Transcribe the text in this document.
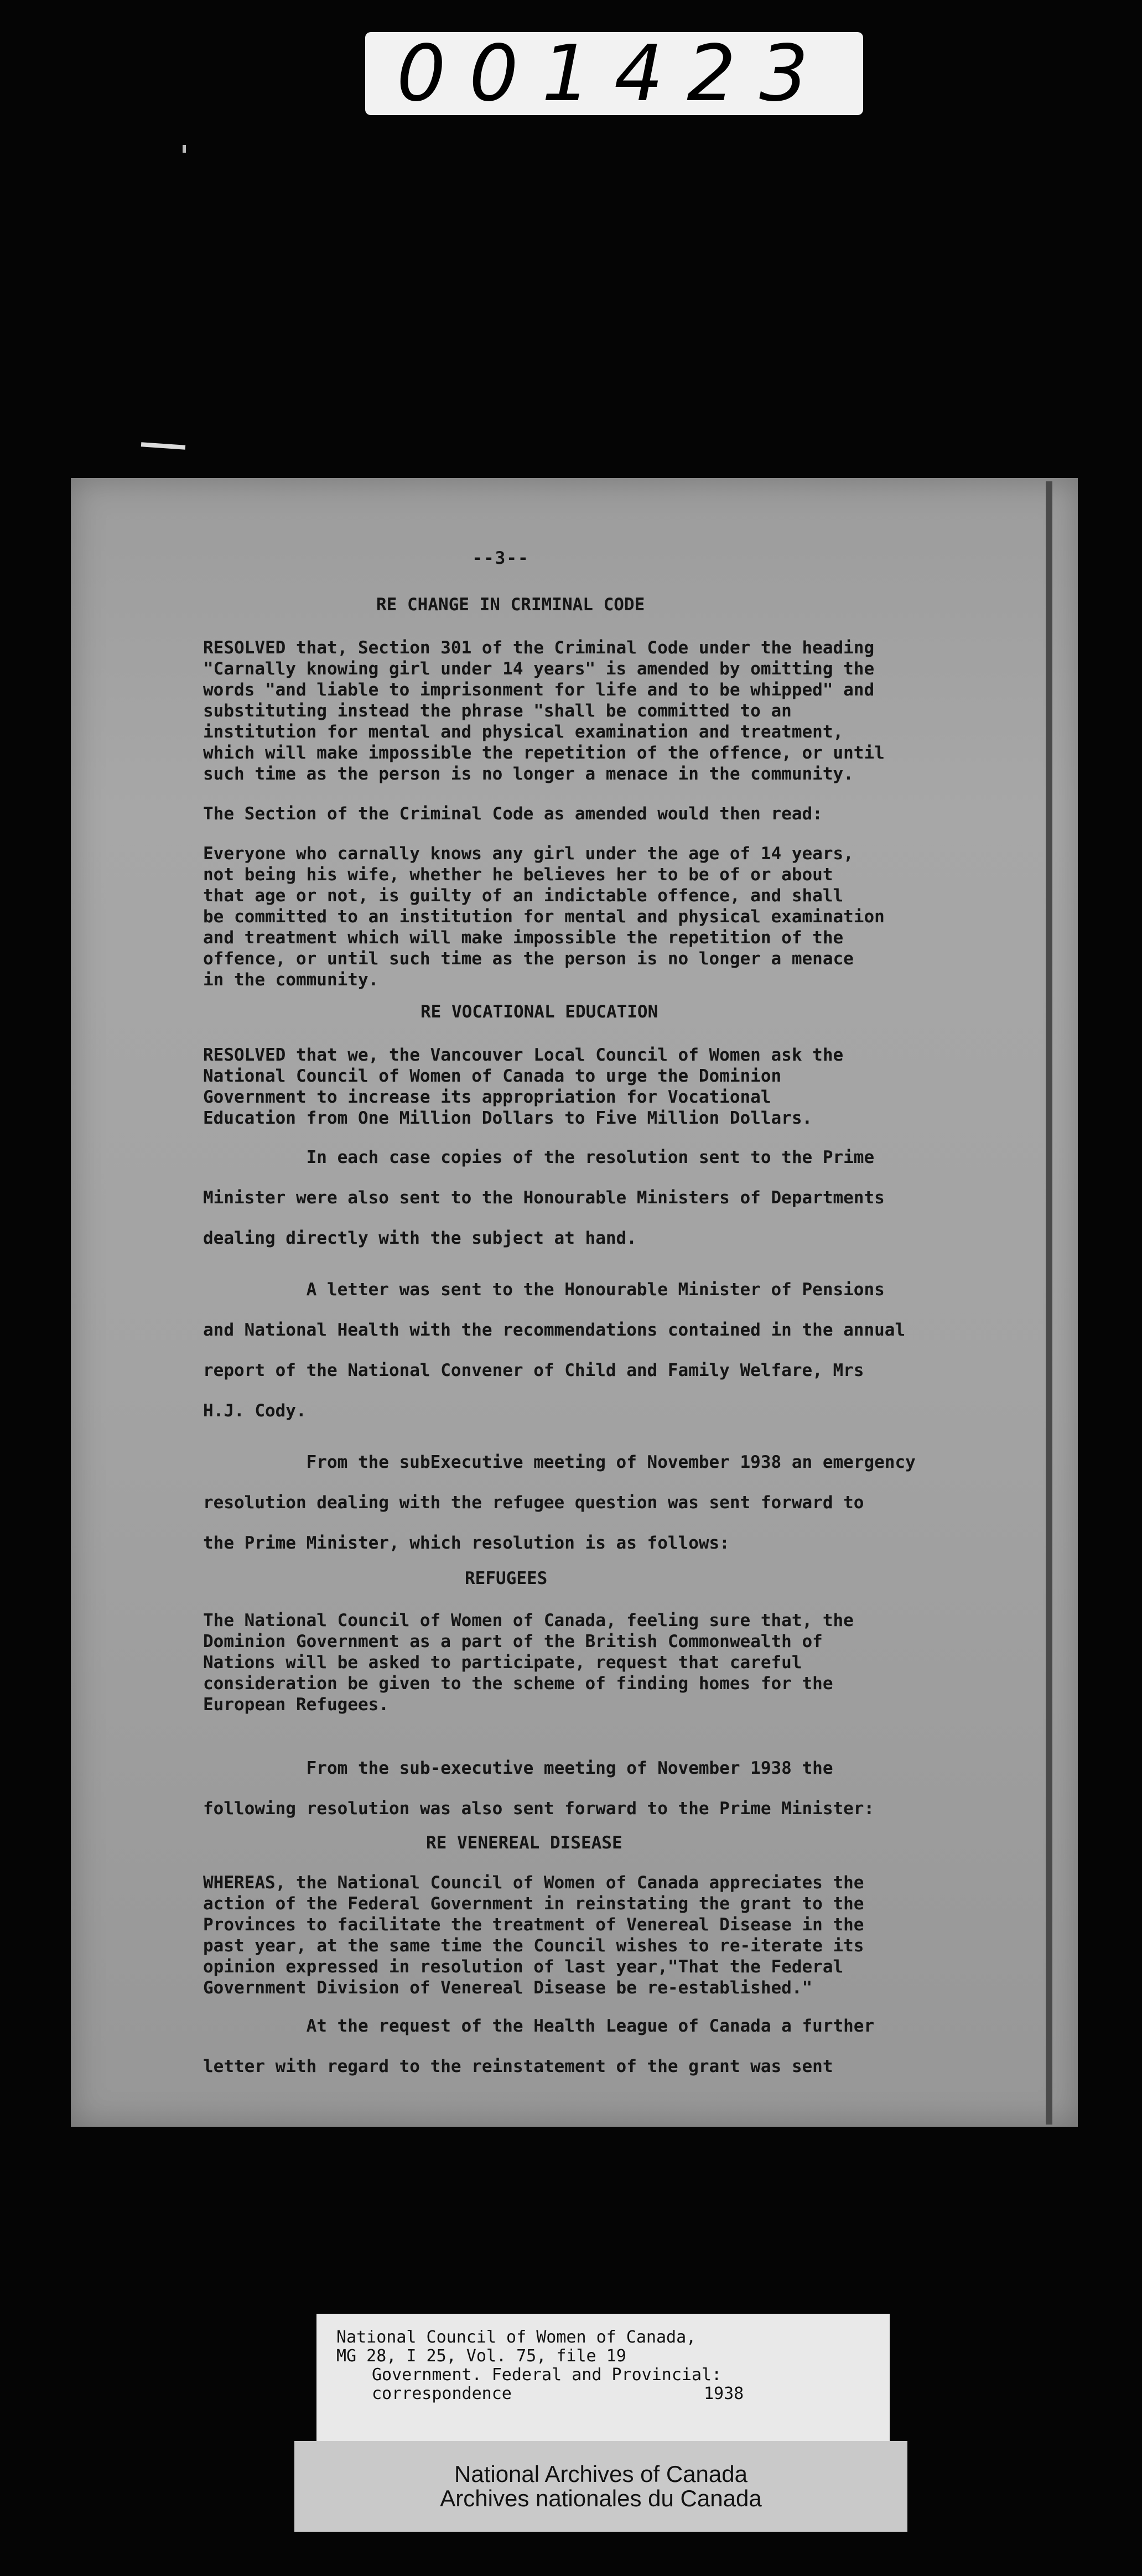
001423
--3--
RE CHANGE IN CRIMINAL CODE
RESOLVED that, Section 301 of the Criminal Code under the heading
"Carnally knowing girl under 14 years" is amended by omitting the
words "and liable to imprisonment for life and to be whipped" and
substituting instead the phrase "shall be committed to an
institution for mental and physical examination and treatment,
which will make impossible the repetition of the offence, or until
such time as the person is no longer a menace in the community.
The Section of the Criminal Code as amended would then read:
Everyone who carnally knows any girl under the age of 14 years,
not being his wife, whether he believes her to be of or about
that age or not, is guilty of an indictable offence, and shall
be committed to an institution for mental and physical examination
and treatment which will make impossible the repetition of the
offence, or until such time as the person is no longer a menace
in the community.
RE VOCATIONAL EDUCATION
RESOLVED that we, the Vancouver Local Council of Women ask the
National Council of Women of Canada to urge the Dominion
Government to increase its appropriation for Vocational
Education from One Million Dollars to Five Million Dollars.
In each case copies of the resolution sent to the Prime
Minister were also sent to the Honourable Ministers of Departments
dealing directly with the subject at hand.
A letter was sent to the Honourable Minister of Pensions
and National Health with the recommendations contained in the annual
report of the National Convener of Child and Family Welfare, Mrs
H.J. Cody.
From the subExecutive meeting of November 1938 an emergency
resolution dealing with the refugee question was sent forward to
the Prime Minister, which resolution is as follows:
REFUGEES
The National Council of Women of Canada, feeling sure that, the
Dominion Government as a part of the British Commonwealth of
Nations will be asked to participate, request that careful
consideration be given to the scheme of finding homes for the
European Refugees.
From the sub-executive meeting of November 1938 the
following resolution was also sent forward to the Prime Minister:
RE VENEREAL DISEASE
WHEREAS, the National Council of Women of Canada appreciates the
action of the Federal Government in reinstating the grant to the
Provinces to facilitate the treatment of Venereal Disease in the
past year, at the same time the Council wishes to re-iterate its
opinion expressed in resolution of last year,"That the Federal
Government Division of Venereal Disease be re-established."
At the request of the Health League of Canada a further
letter with regard to the reinstatement of the grant was sent
National Council of Women of Canada,
MG 28, I 25, Vol. 75, file 19
Government. Federal and Provincial:
correspondence	1938
National Archives of Canada
Archives nationales du Canada
